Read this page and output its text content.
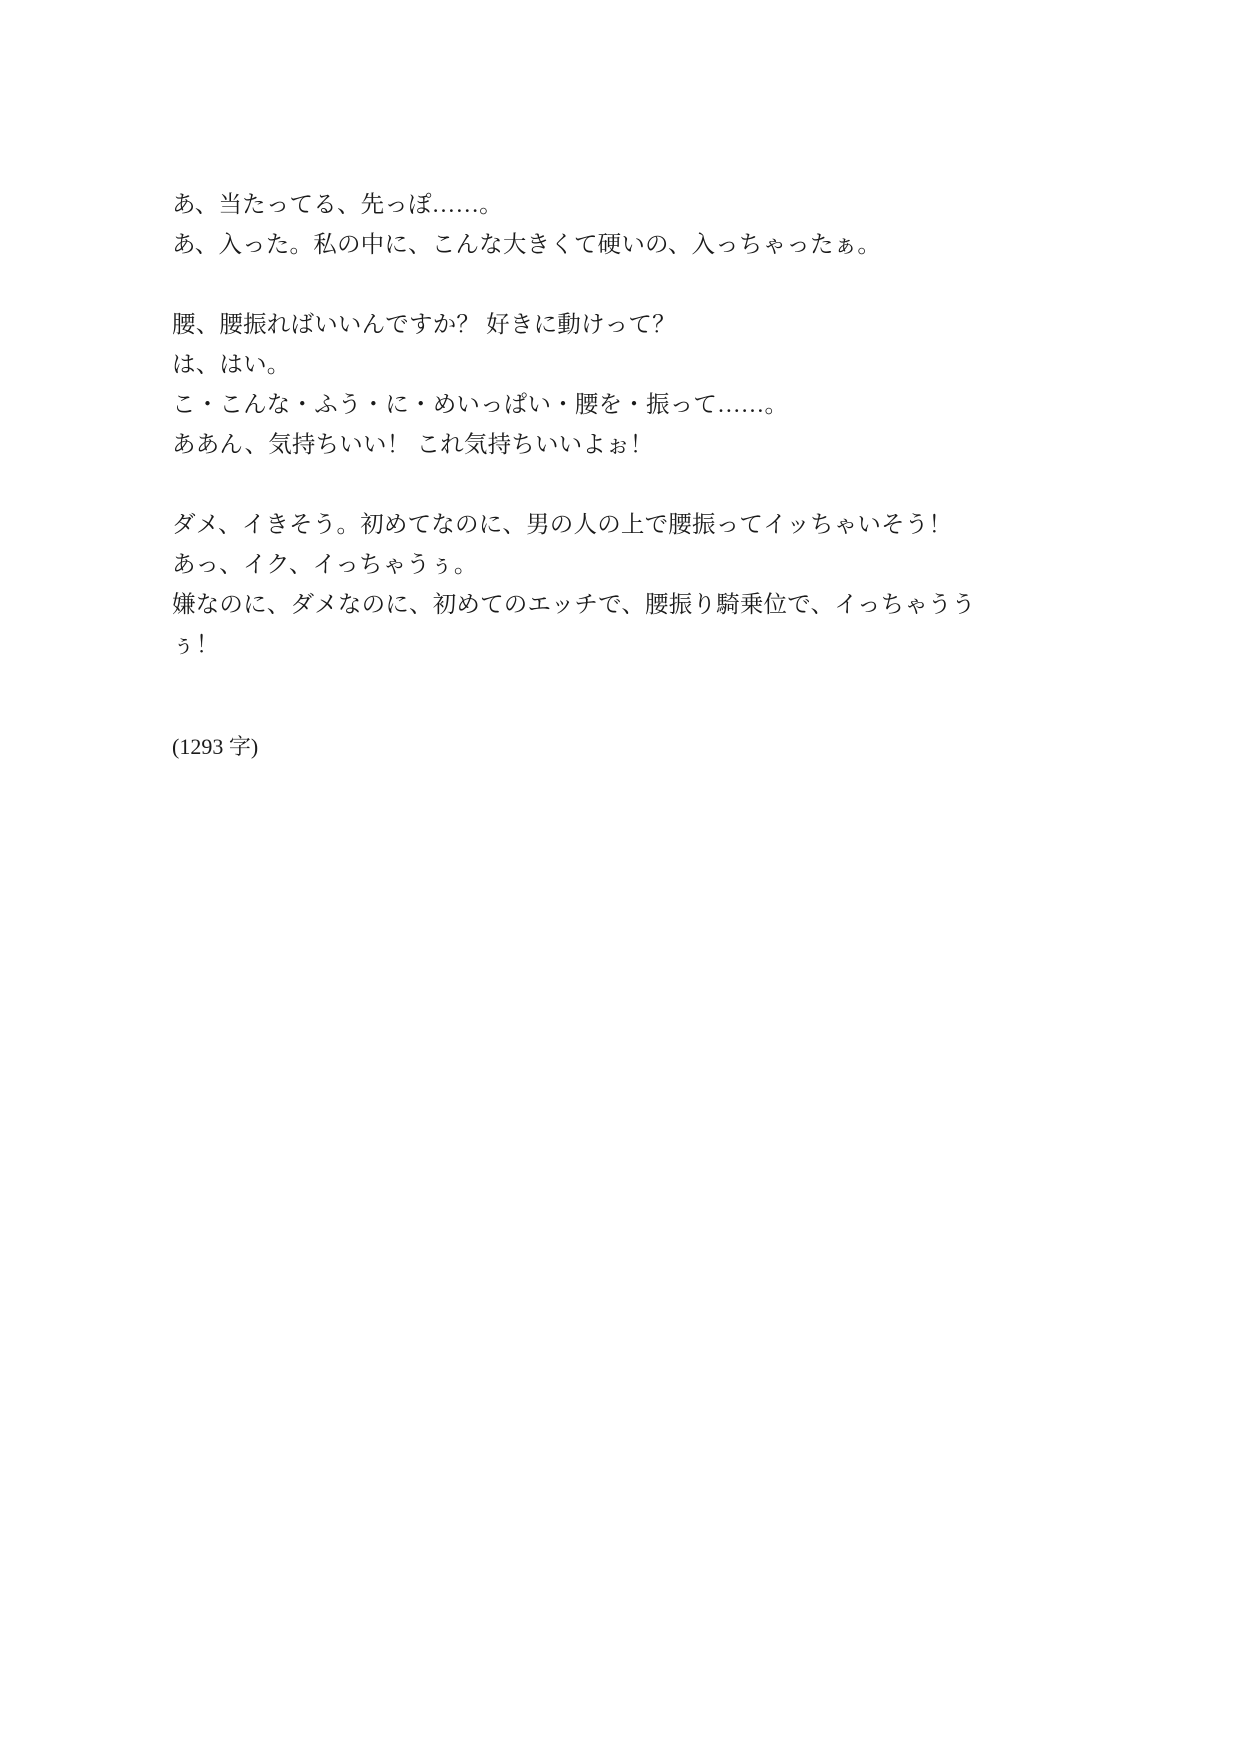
あ、当たってる、先っぽ……。

あ、入った。私の中に、こんな大きくて硬いの、入っちゃったぁ。

腰、腰振ればいいんですか？ 好きに動けって？

は、はい。

こ・こんな・ふう・に・めいっぱい・腰を・振って……。

ああん、気持ちいい！ これ気持ちいいよぉ！

ダメ、イきそう。初めてなのに、男の人の上で腰振ってイッちゃいそう！

あっ、イク、イっちゃうぅ。

嫌なのに、ダメなのに、初めてのエッチで、腰振り騎乗位で、イっちゃうう

ぅ！

(1293 字)
